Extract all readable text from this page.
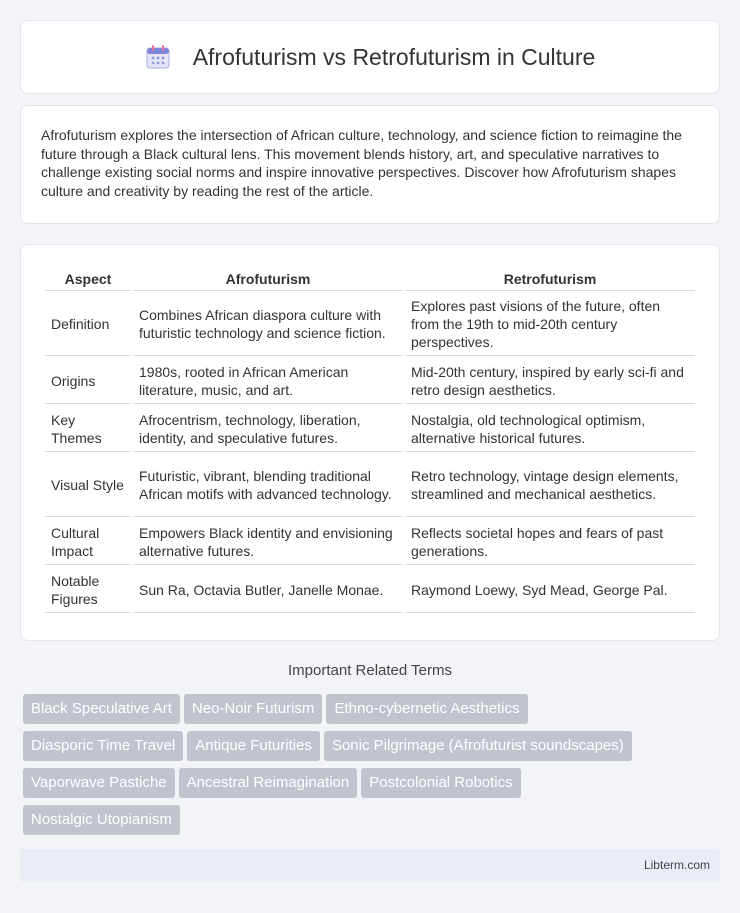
Afrofuturism vs Retrofuturism in Culture

Afrofuturism explores the intersection of African culture, technology, and science fiction to reimagine the future through a Black cultural lens. This movement blends history, art, and speculative narratives to challenge existing social norms and inspire innovative perspectives. Discover how Afrofuturism shapes culture and creativity by reading the rest of the article.

Aspect	Afrofuturism	Retrofuturism
Definition	Combines African diaspora culture with futuristic technology and science fiction.	Explores past visions of the future, often from the 19th to mid-20th century perspectives.
Origins	1980s, rooted in African American literature, music, and art.	Mid-20th century, inspired by early sci-fi and retro design aesthetics.
Key Themes	Afrocentrism, technology, liberation, identity, and speculative futures.	Nostalgia, old technological optimism, alternative historical futures.
Visual Style	Futuristic, vibrant, blending traditional African motifs with advanced technology.	Retro technology, vintage design elements, streamlined and mechanical aesthetics.
Cultural Impact	Empowers Black identity and envisioning alternative futures.	Reflects societal hopes and fears of past generations.
Notable Figures	Sun Ra, Octavia Butler, Janelle Monae.	Raymond Loewy, Syd Mead, George Pal.
Important Related Terms
Black Speculative Art Neo-Noir Futurism Ethno-cybernetic Aesthetics
Diasporic Time Travel Antique Futurities Sonic Pilgrimage (Afrofuturist soundscapes)
Vaporwave Pastiche Ancestral Reimagination Postcolonial Robotics
Nostalgic Utopianism
Libterm.com
